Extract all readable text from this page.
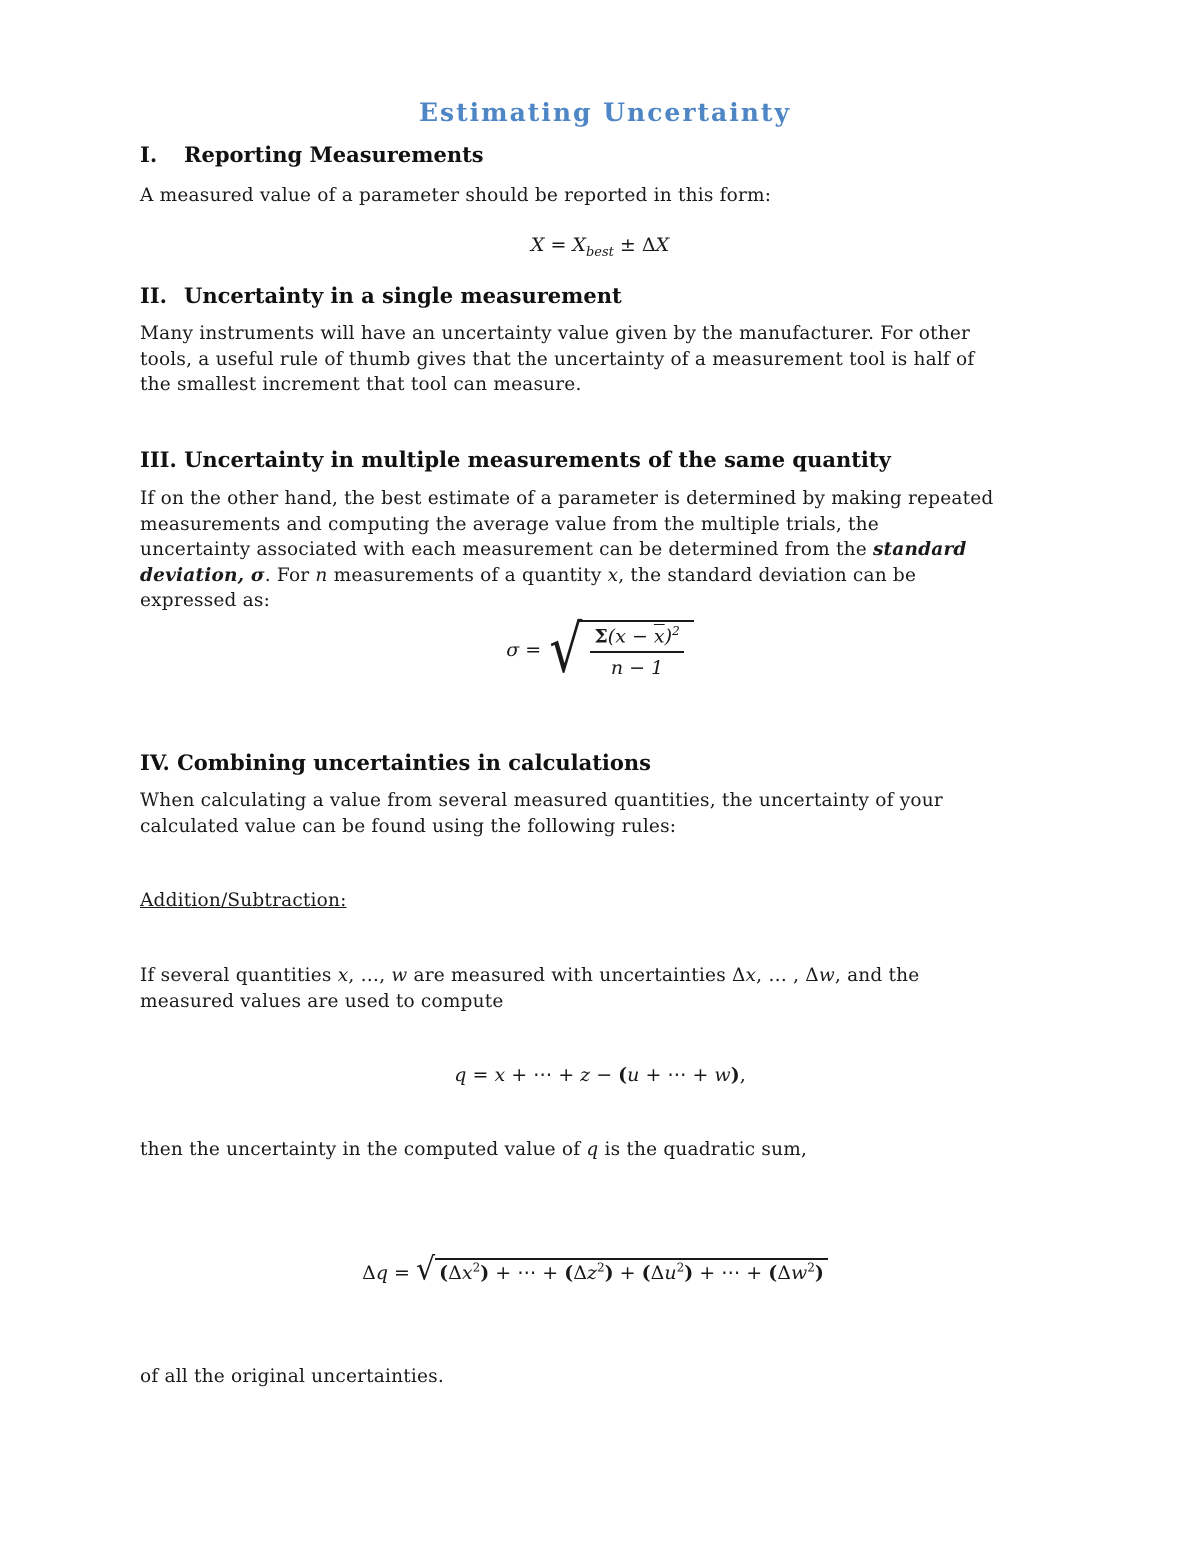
Estimating Uncertainty
I. Reporting Measurements
A measured value of a parameter should be reported in this form:
$X = X_{best} \pm \Delta X$
II. Uncertainty in a single measurement
Many instruments will have an uncertainty value given by the manufacturer. For other
tools, a useful rule of thumb gives that the uncertainty of a measurement tool is half of
the smallest increment that tool can measure.
III. Uncertainty in multiple measurements of the same quantity
If on the other hand, the best estimate of a parameter is determined by making repeated
measurements and computing the average value from the multiple trials, the
uncertainty associated with each measurement can be determined from the standard
deviation, σ. For n measurements of a quantity x, the standard deviation can be
expressed as:
σ = √
$\frac{\Sigma(x - \overline{x})^2}{n - 1}$
IV. Combining uncertainties in calculations
When calculating a value from several measured quantities, the uncertainty of your
calculated value can be found using the following rules:
Addition/Subtraction:
If several quantities x, …, w are measured with uncertainties Δx, … , Δw, and the
measured values are used to compute
q = x + ⋯ + z − (u + ⋯ + w),
then the uncertainty in the computed value of q is the quadratic sum,
Δq = √ $(\Delta x^2)$ + ⋯ + $(\Delta z^2) + (\Delta u^2)$ + ⋯ + $(\Delta w^2)$
of all the original uncertainties.
